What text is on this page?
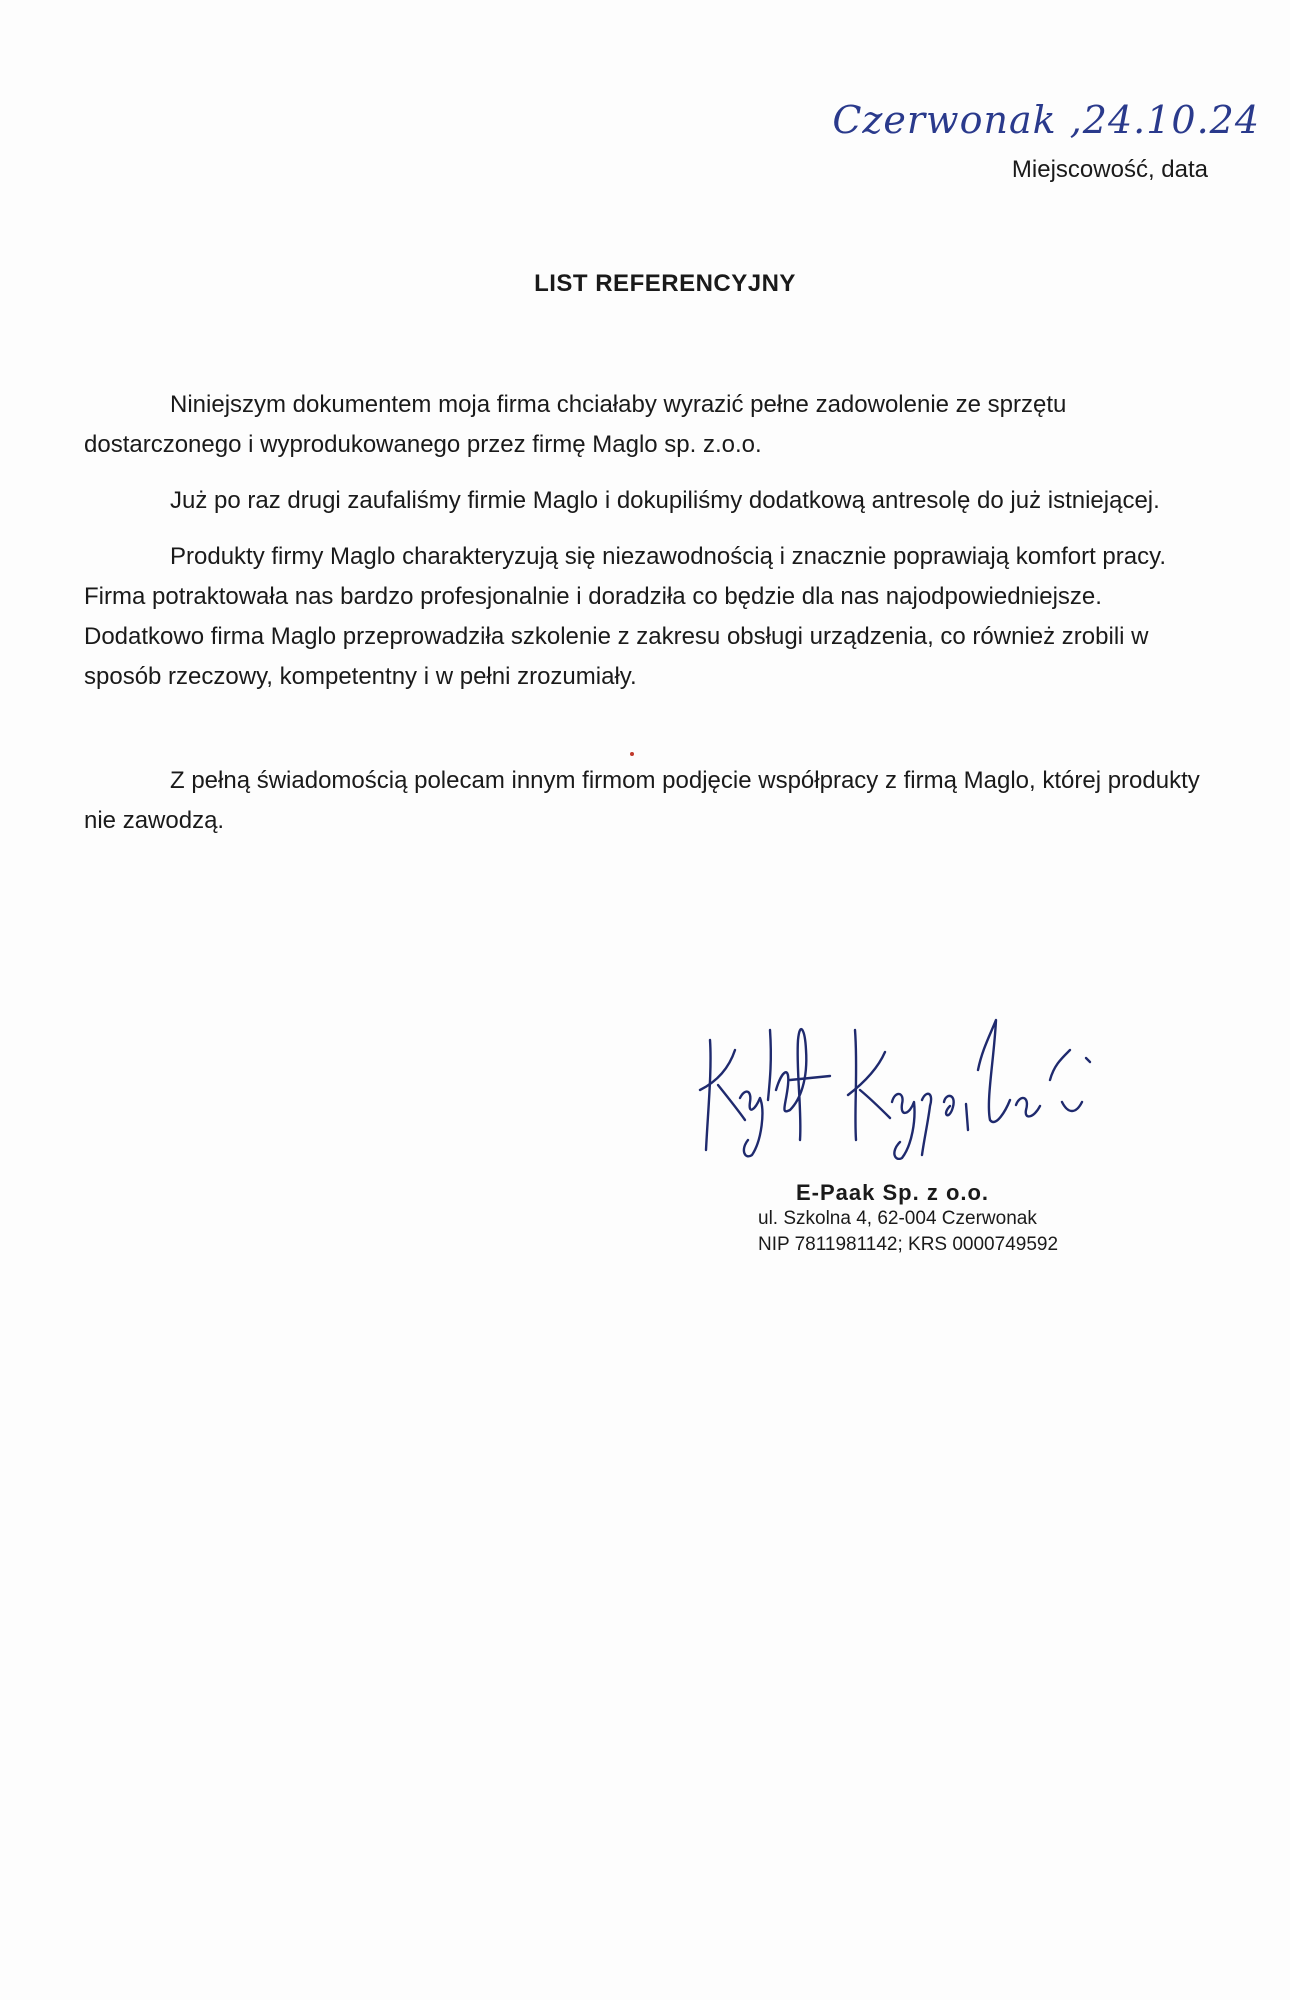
Czerwonak ,24.10.24
Miejscowość, data
LIST REFERENCYJNY

Niniejszym dokumentem moja firma chciałaby wyrazić pełne zadowolenie ze sprzętu dostarczonego i wyprodukowanego przez firmę Maglo sp. z.o.o.

Już po raz drugi zaufaliśmy firmie Maglo i dokupiliśmy dodatkową antresolę do już istniejącej.

Produkty firmy Maglo charakteryzują się niezawodnością i znacznie poprawiają komfort pracy. Firma potraktowała nas bardzo profesjonalnie i doradziła co będzie dla nas najodpowiedniejsze. Dodatkowo firma Maglo przeprowadziła szkolenie z zakresu obsługi urządzenia, co również zrobili w sposób rzeczowy, kompetentny i w pełni zrozumiały.

Z pełną świadomością polecam innym firmom podjęcie współpracy z firmą Maglo, której produkty nie zawodzą.

E-Paak Sp. z o.o.
ul. Szkolna 4, 62-004 Czerwonak
NIP 7811981142; KRS 0000749592
